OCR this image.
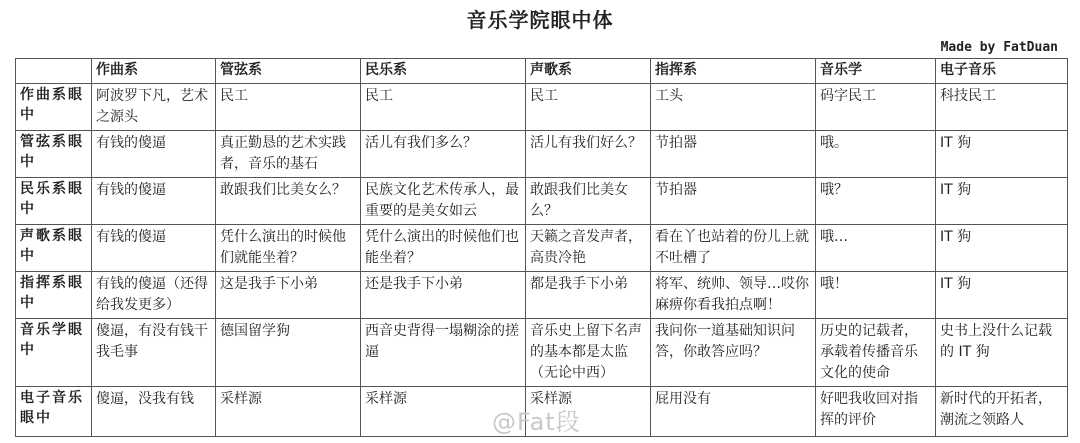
音乐学院眼中体
Made by FatDuan
	作曲系	管弦系	民乐系	声歌系	指挥系	音乐学	电子音乐
作曲系眼中	阿波罗下凡，艺术之源头	民工	民工	民工	工头	码字民工	科技民工
管弦系眼中	有钱的傻逼	真正勤恳的艺术实践者，音乐的基石	活儿有我们多么？	活儿有我们好么？	节拍器	哦。	IT 狗
民乐系眼中	有钱的傻逼	敢跟我们比美女么？	民族文化艺术传承人，最重要的是美女如云	敢跟我们比美女么？	节拍器	哦？	IT 狗
声歌系眼中	有钱的傻逼	凭什么演出的时候他们就能坐着？	凭什么演出的时候他们也能坐着？	天籁之音发声者，高贵冷艳	看在丫也站着的份儿上就不吐槽了	哦…	IT 狗
指挥系眼中	有钱的傻逼（还得给我发更多）	这是我手下小弟	还是我手下小弟	都是我手下小弟	将军、统帅、领导…哎你麻痹你看我拍点啊！	哦！	IT 狗
音乐学眼中	傻逼，有没有钱干我毛事	德国留学狗	西音史背得一塌糊涂的搓逼	音乐史上留下名声的基本都是太监（无论中西）	我问你一道基础知识问答，你敢答应吗？	历史的记载者，承载着传播音乐文化的使命	史书上没什么记载的 IT 狗
电子音乐眼中	傻逼，没我有钱	采样源	采样源	采样源	屁用没有	好吧我收回对指挥的评价	新时代的开拓者，潮流之领路人
@Fat段
